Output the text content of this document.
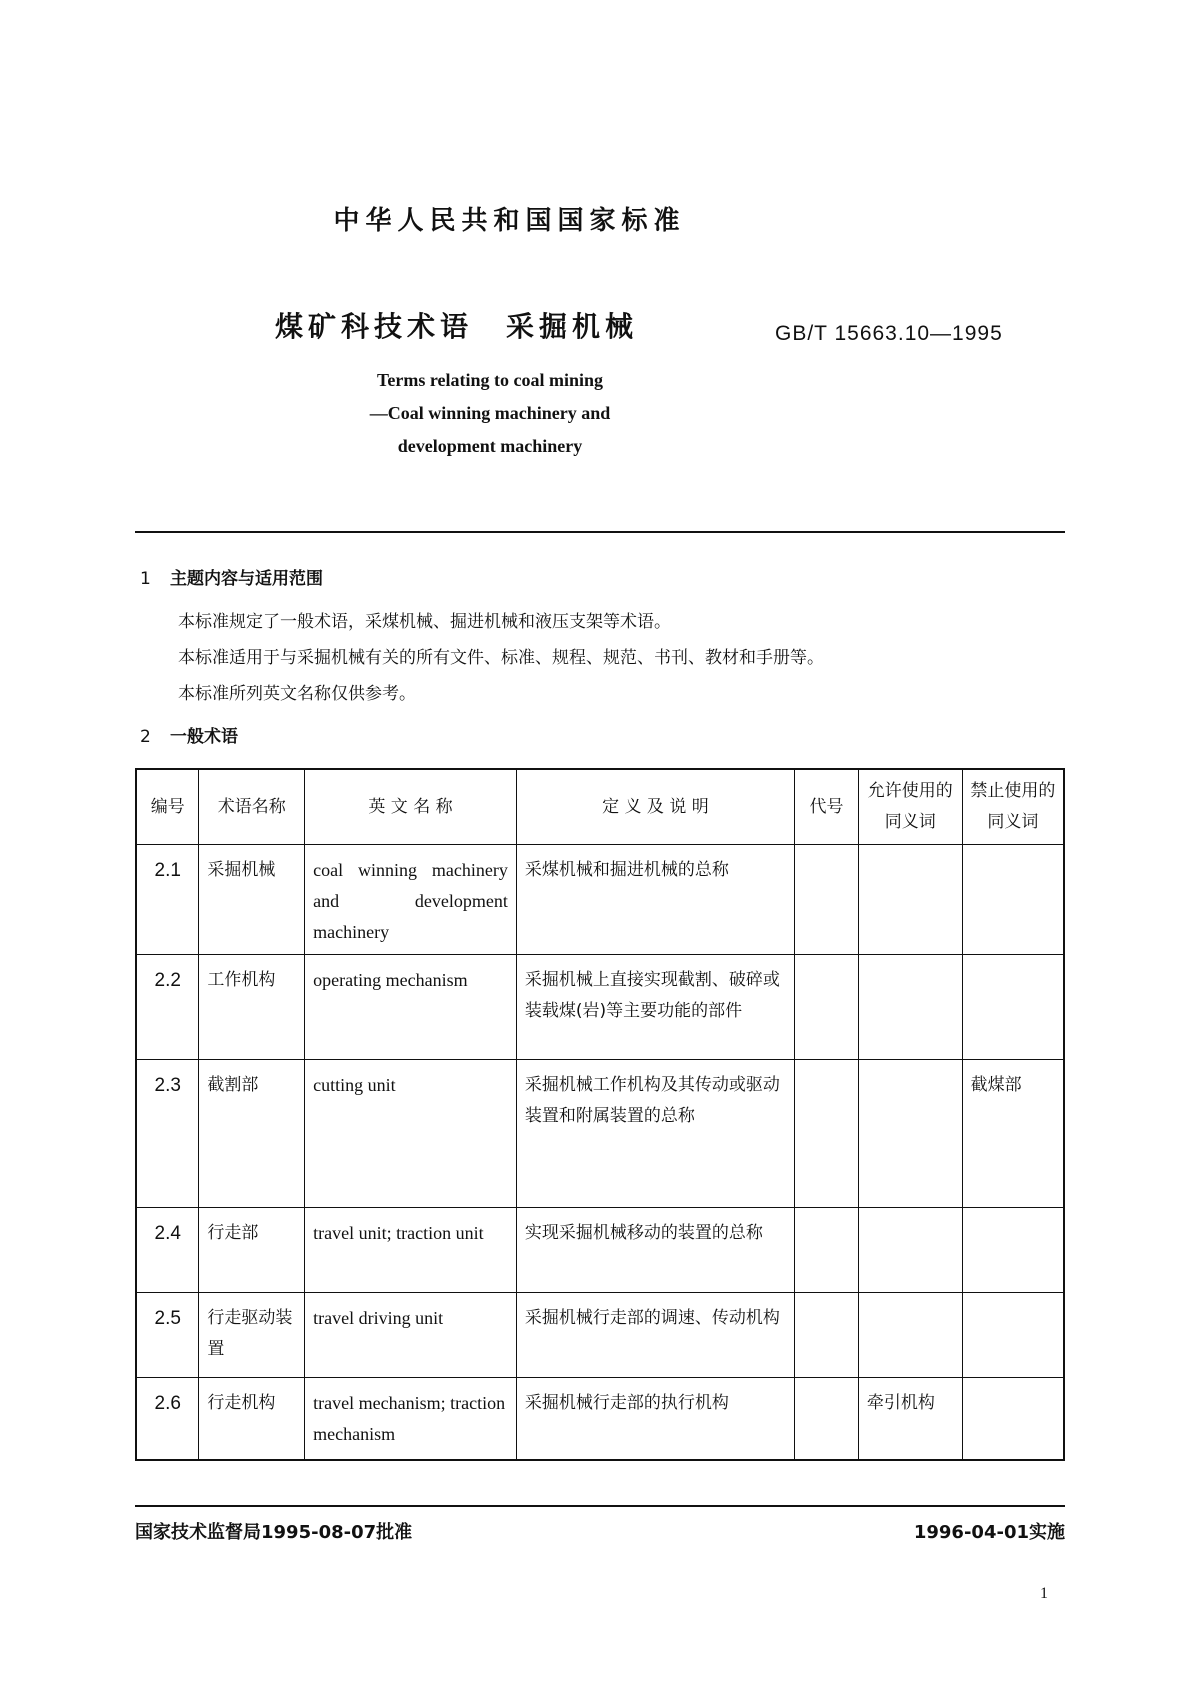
中华人民共和国国家标准
煤矿科技术语　采掘机械	GB/T 15663.10—1995
Terms relating to coal mining
—Coal winning machinery and
development machinery
1 主题内容与适用范围
本标准规定了一般术语，采煤机械、掘进机械和液压支架等术语。
本标准适用于与采掘机械有关的所有文件、标准、规程、规范、书刊、教材和手册等。
本标准所列英文名称仅供参考。
2 一般术语
编号	术语名称	英 文 名 称	定 义 及 说 明	代号	允许使用的同义词	禁止使用的同义词
2.1	采掘机械	coal winning machinery and development machinery	采煤机械和掘进机械的总称			
2.2	工作机构	operating mechanism	采掘机械上直接实现截割、破碎或装载煤(岩)等主要功能的部件			
2.3	截割部	cutting unit	采掘机械工作机构及其传动或驱动装置和附属装置的总称			截煤部
2.4	行走部	travel unit; traction unit	实现采掘机械移动的装置的总称			
2.5	行走驱动装置	travel driving unit	采掘机械行走部的调速、传动机构			
2.6	行走机构	travel mechanism; traction mechanism	采掘机械行走部的执行机构		牵引机构	
国家技术监督局1995-08-07批准	1996-04-01实施
1
